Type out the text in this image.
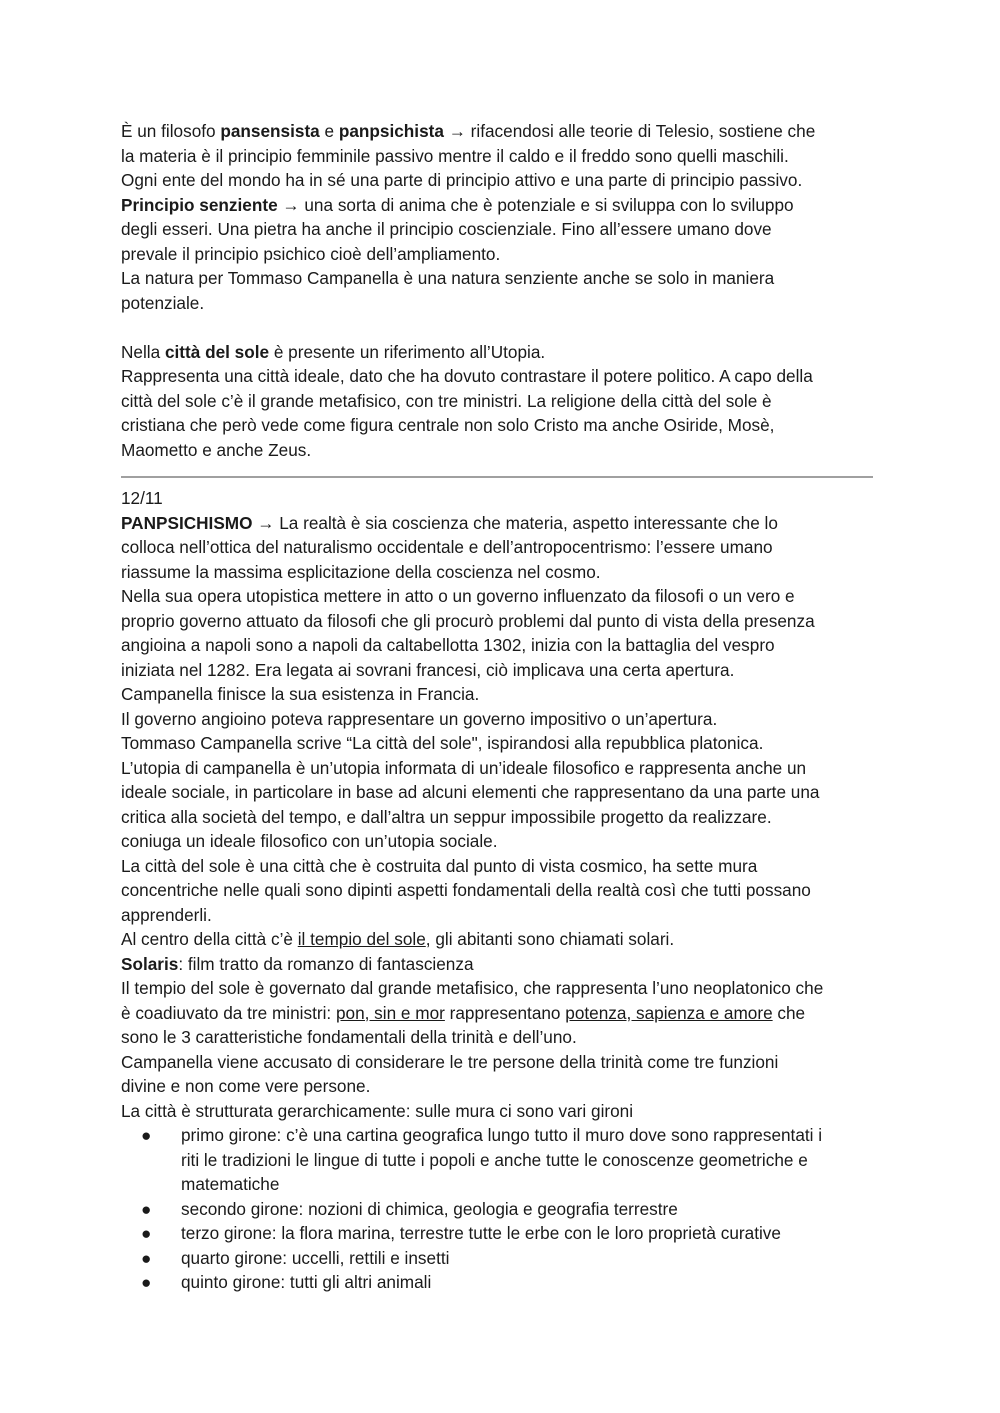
È un filosofo pansensista e panpsichista → rifacendosi alle teorie di Telesio, sostiene che
la materia è il principio femminile passivo mentre il caldo e il freddo sono quelli maschili.
Ogni ente del mondo ha in sé una parte di principio attivo e una parte di principio passivo.
Principio senziente → una sorta di anima che è potenziale e si sviluppa con lo sviluppo
degli esseri. Una pietra ha anche il principio coscienziale. Fino all’essere umano dove
prevale il principio psichico cioè dell’ampliamento.
La natura per Tommaso Campanella è una natura senziente anche se solo in maniera
potenziale.
Nella città del sole è presente un riferimento all’Utopia.
Rappresenta una città ideale, dato che ha dovuto contrastare il potere politico. A capo della
città del sole c’è il grande metafisico, con tre ministri. La religione della città del sole è
cristiana che però vede come figura centrale non solo Cristo ma anche Osiride, Mosè,
Maometto e anche Zeus.
12/11
PANPSICHISMO → La realtà è sia coscienza che materia, aspetto interessante che lo
colloca nell’ottica del naturalismo occidentale e dell’antropocentrismo: l’essere umano
riassume la massima esplicitazione della coscienza nel cosmo.
Nella sua opera utopistica mettere in atto o un governo influenzato da filosofi o un vero e
proprio governo attuato da filosofi che gli procurò problemi dal punto di vista della presenza
angioina a napoli sono a napoli da caltabellotta 1302, inizia con la battaglia del vespro
iniziata nel 1282. Era legata ai sovrani francesi, ciò implicava una certa apertura.
Campanella finisce la sua esistenza in Francia.
Il governo angioino poteva rappresentare un governo impositivo o un’apertura.
Tommaso Campanella scrive “La città del sole", ispirandosi alla repubblica platonica.
L’utopia di campanella è un’utopia informata di un’ideale filosofico e rappresenta anche un
ideale sociale, in particolare in base ad alcuni elementi che rappresentano da una parte una
critica alla società del tempo, e dall’altra un seppur impossibile progetto da realizzare.
coniuga un ideale filosofico con un’utopia sociale.
La città del sole è una città che è costruita dal punto di vista cosmico, ha sette mura
concentriche nelle quali sono dipinti aspetti fondamentali della realtà così che tutti possano
apprenderli.
Al centro della città c’è il tempio del sole, gli abitanti sono chiamati solari.
Solaris: film tratto da romanzo di fantascienza
Il tempio del sole è governato dal grande metafisico, che rappresenta l’uno neoplatonico che
è coadiuvato da tre ministri: pon, sin e mor rappresentano potenza, sapienza e amore che
sono le 3 caratteristiche fondamentali della trinità e dell’uno.
Campanella viene accusato di considerare le tre persone della trinità come tre funzioni
divine e non come vere persone.
La città è strutturata gerarchicamente: sulle mura ci sono vari gironi
● primo girone: c’è una cartina geografica lungo tutto il muro dove sono rappresentati i
riti le tradizioni le lingue di tutte i popoli e anche tutte le conoscenze geometriche e
matematiche
● secondo girone: nozioni di chimica, geologia e geografia terrestre
● terzo girone: la flora marina, terrestre tutte le erbe con le loro proprietà curative
● quarto girone: uccelli, rettili e insetti
● quinto girone: tutti gli altri animali
